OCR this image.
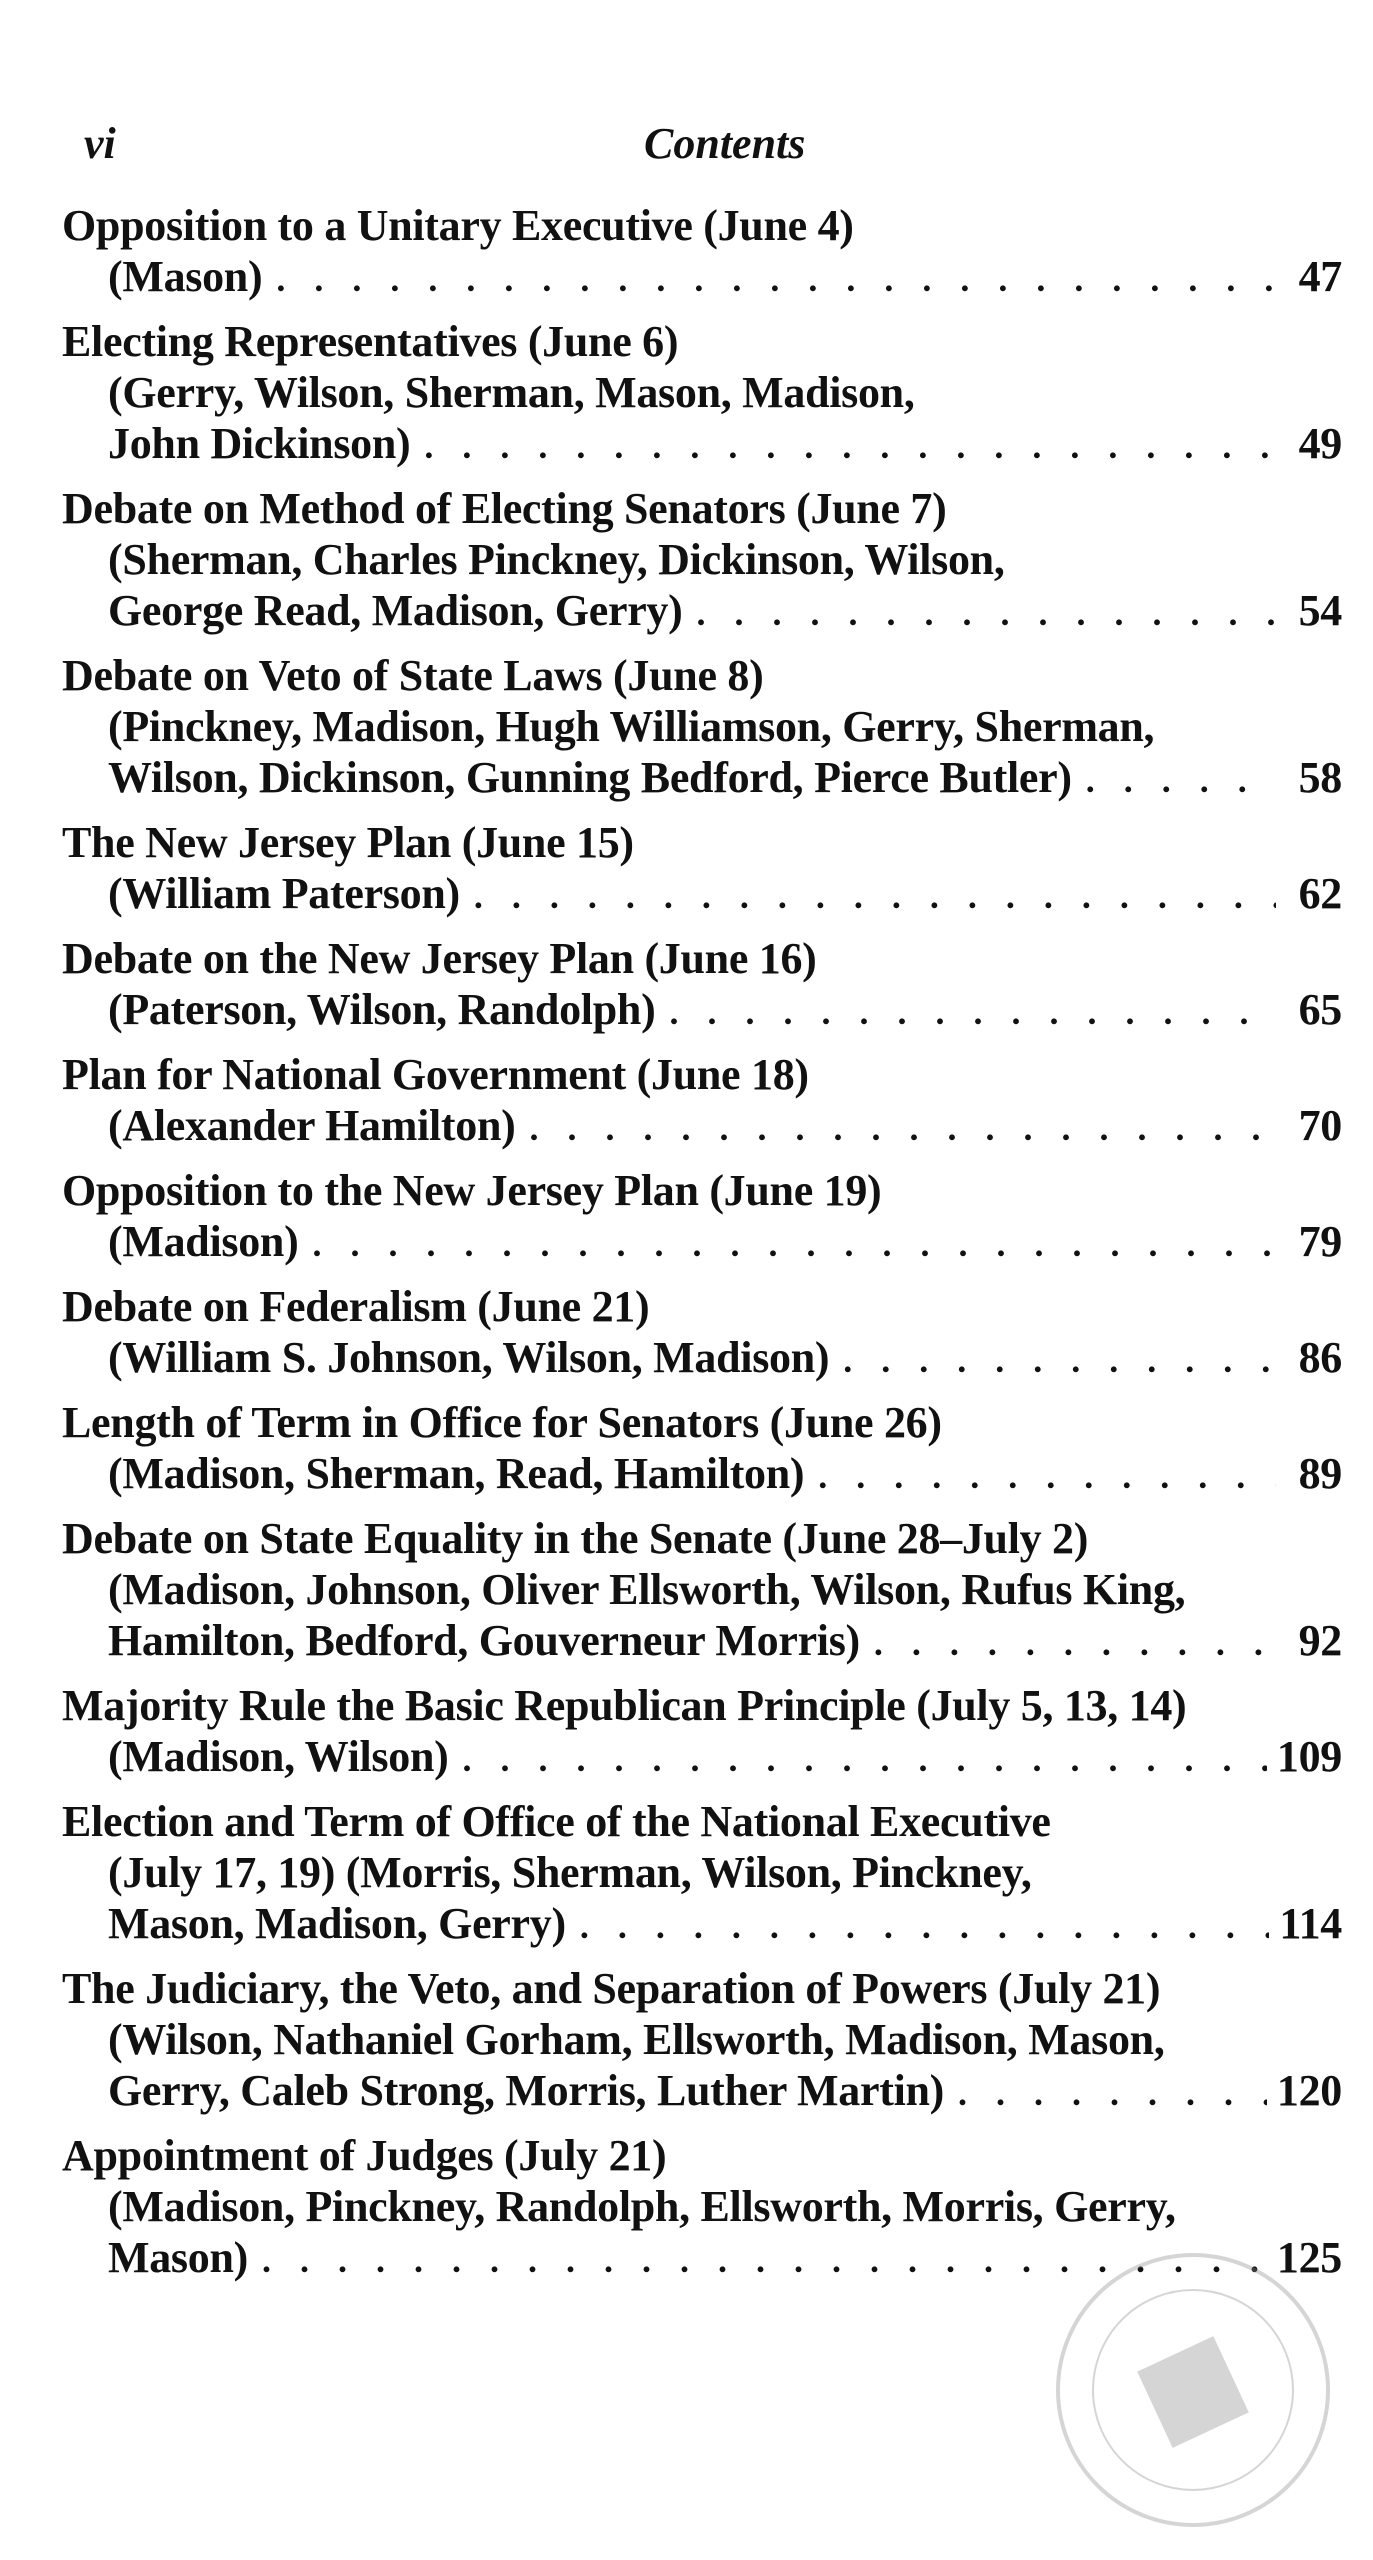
vi	Contents
Opposition to a Unitary Executive (June 4)
(Mason) . . .	47
Electing Representatives (June 6)
(Gerry, Wilson, Sherman, Mason, Madison,
John Dickinson) . . .	49
Debate on Method of Electing Senators (June 7)
(Sherman, Charles Pinckney, Dickinson, Wilson,
George Read, Madison, Gerry) . . .	54
Debate on Veto of State Laws (June 8)
(Pinckney, Madison, Hugh Williamson, Gerry, Sherman,
Wilson, Dickinson, Gunning Bedford, Pierce Butler) . . .	58
The New Jersey Plan (June 15)
(William Paterson) . . .	62
Debate on the New Jersey Plan (June 16)
(Paterson, Wilson, Randolph) . . .	65
Plan for National Government (June 18)
(Alexander Hamilton) . . .	70
Opposition to the New Jersey Plan (June 19)
(Madison) . . .	79
Debate on Federalism (June 21)
(William S. Johnson, Wilson, Madison) . . .	86
Length of Term in Office for Senators (June 26)
(Madison, Sherman, Read, Hamilton) . . .	89
Debate on State Equality in the Senate (June 28–July 2)
(Madison, Johnson, Oliver Ellsworth, Wilson, Rufus King,
Hamilton, Bedford, Gouverneur Morris) . . .	92
Majority Rule the Basic Republican Principle (July 5, 13, 14)
(Madison, Wilson) . . .	109
Election and Term of Office of the National Executive
(July 17, 19) (Morris, Sherman, Wilson, Pinckney,
Mason, Madison, Gerry) . . .	114
The Judiciary, the Veto, and Separation of Powers (July 21)
(Wilson, Nathaniel Gorham, Ellsworth, Madison, Mason,
Gerry, Caleb Strong, Morris, Luther Martin) . . .	120
Appointment of Judges (July 21)
(Madison, Pinckney, Randolph, Ellsworth, Morris, Gerry,
Mason) . . .	125
